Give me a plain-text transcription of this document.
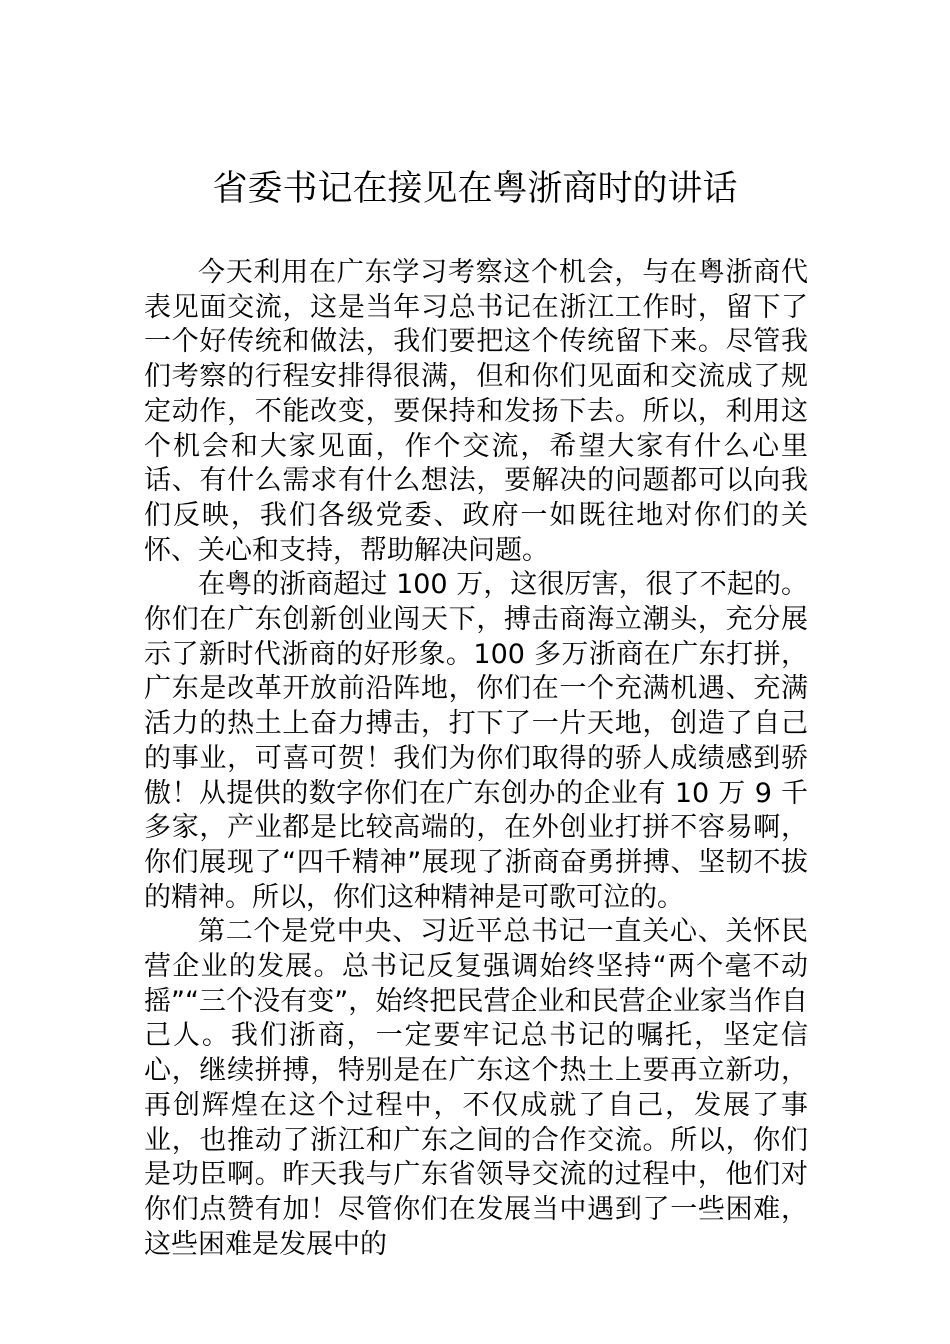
省委书记在接见在粤浙商时的讲话

今天利用在广东学习考察这个机会，与在粤浙商代表见面交流，这是当年习总书记在浙江工作时，留下了一个好传统和做法，我们要把这个传统留下来。尽管我们考察的行程安排得很满，但和你们见面和交流成了规定动作，不能改变，要保持和发扬下去。所以，利用这个机会和大家见面，作个交流，希望大家有什么心里话、有什么需求有什么想法，要解决的问题都可以向我们反映，我们各级党委、政府一如既往地对你们的关怀、关心和支持，帮助解决问题。

在粤的浙商超过 100 万，这很厉害，很了不起的。你们在广东创新创业闯天下，搏击商海立潮头，充分展示了新时代浙商的好形象。100 多万浙商在广东打拼，广东是改革开放前沿阵地，你们在一个充满机遇、充满活力的热土上奋力搏击，打下了一片天地，创造了自己的事业，可喜可贺！我们为你们取得的骄人成绩感到骄傲！从提供的数字你们在广东创办的企业有 10 万 9 千多家，产业都是比较高端的，在外创业打拼不容易啊，你们展现了“四千精神”展现了浙商奋勇拼搏、坚韧不拔的精神。所以，你们这种精神是可歌可泣的。

第二个是党中央、习近平总书记一直关心、关怀民营企业的发展。总书记反复强调始终坚持“两个毫不动摇”“三个没有变”，始终把民营企业和民营企业家当作自己人。我们浙商，一定要牢记总书记的嘱托，坚定信心，继续拼搏，特别是在广东这个热土上要再立新功，再创辉煌在这个过程中，不仅成就了自己，发展了事业，也推动了浙江和广东之间的合作交流。所以，你们是功臣啊。昨天我与广东省领导交流的过程中，他们对你们点赞有加！尽管你们在发展当中遇到了一些困难，这些困难是发展中的
